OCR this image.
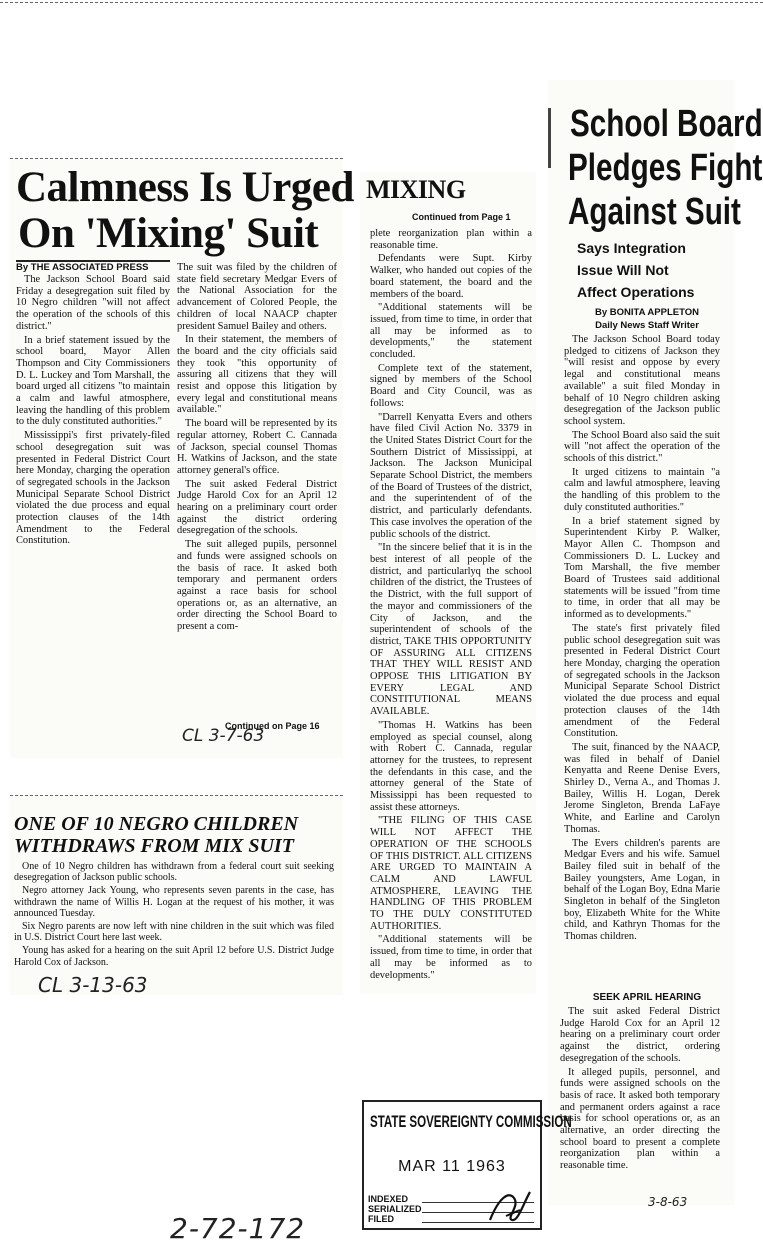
Calmness Is Urged
On 'Mixing' Suit
By THE ASSOCIATED PRESS

The Jackson School Board said Friday a desegregation suit filed by 10 Negro children "will not affect the operation of the schools of this district."

In a brief statement issued by the school board, Mayor Allen Thompson and City Commissioners D. L. Luckey and Tom Marshall, the board urged all citizens "to maintain a calm and lawful atmosphere, leaving the handling of this problem to the duly constituted authorities."

Mississippi's first privately-filed school desegregation suit was presented in Federal District Court here Monday, charging the operation of segregated schools in the Jackson Municipal Separate School District violated the due process and equal protection clauses of the 14th Amendment to the Federal Constitution.

The suit was filed by the children of state field secretary Medgar Evers of the National Association for the advancement of Colored People, the children of local NAACP chapter president Samuel Bailey and others.

In their statement, the members of the board and the city officials said they took "this opportunity of assuring all citizens that they will resist and oppose this litigation by every legal and constitutional means available."

The board will be represented by its regular attorney, Robert C. Cannada of Jackson, special counsel Thomas H. Watkins of Jackson, and the state attorney general's office.

The suit asked Federal District Judge Harold Cox for an April 12 hearing on a preliminary court order against the district ordering desegregation of the schools.

The suit alleged pupils, personnel and funds were assigned schools on the basis of race. It asked both temporary and permanent orders against a race basis for school operations or, as an alternative, an order directing the School Board to present a com-

Continued on Page 16
CL 3-7-63
ONE OF 10 NEGRO CHILDREN
WITHDRAWS FROM MIX SUIT

One of 10 Negro children has withdrawn from a federal court suit seeking desegregation of Jackson public schools.

Negro attorney Jack Young, who represents seven parents in the case, has withdrawn the name of Willis H. Logan at the request of his mother, it was announced Tuesday.

Six Negro parents are now left with nine children in the suit which was filed in U.S. District Court here last week.

Young has asked for a hearing on the suit April 12 before U.S. District Judge Harold Cox of Jackson.

CL 3-13-63
MIXING
Continued from Page 1

plete reorganization plan within a reasonable time.

Defendants were Supt. Kirby Walker, who handed out copies of the board statement, the board and the members of the board.

"Additional statements will be issued, from time to time, in order that all may be informed as to developments," the statement concluded.

Complete text of the statement, signed by members of the School Board and City Council, was as follows:

"Darrell Kenyatta Evers and others have filed Civil Action No. 3379 in the United States District Court for the Southern District of Mississippi, at Jackson. The Jackson Municipal Separate School District, the members of the Board of Trustees of the district, and the superintendent of of the district, and particularly defendants. This case involves the operation of the public schools of the district.

"In the sincere belief that it is in the best interest of all people of the district, and particularlyq the school children of the district, the Trustees of the District, with the full support of the mayor and commissioners of the City of Jackson, and the superintendent of schools of the district, TAKE THIS OPPORTUNITY OF ASSURING ALL CITIZENS THAT THEY WILL RESIST AND OPPOSE THIS LITIGATION BY EVERY LEGAL AND CONSTITUTIONAL MEANS AVAILABLE.

"Thomas H. Watkins has been employed as special counsel, along with Robert C. Cannada, regular attorney for the trustees, to represent the defendants in this case, and the attorney general of the State of Mississippi has been requested to assist these attorneys.

"THE FILING OF THIS CASE WILL NOT AFFECT THE OPERATION OF THE SCHOOLS OF THIS DISTRICT. ALL CITIZENS ARE URGED TO MAINTAIN A CALM AND LAWFUL ATMOSPHERE, LEAVING THE HANDLING OF THIS PROBLEM TO THE DULY CONSTITUTED AUTHORITIES.

"Additional statements will be issued, from time to time, in order that all may be informed as to developments."

School Board
Pledges Fight
Against Suit
Says Integration
Issue Will Not
Affect Operations
By BONITA APPLETON
Daily News Staff Writer

The Jackson School Board today pledged to citizens of Jackson they "will resist and oppose by every legal and constitutional means available" a suit filed Monday in behalf of 10 Negro children asking desegregation of the Jackson public school system.

The School Board also said the suit will "not affect the operation of the schools of this district."

It urged citizens to maintain "a calm and lawful atmosphere, leaving the handling of this problem to the duly constituted authorities."

In a brief statement signed by Superintendent Kirby P. Walker, Mayor Allen C. Thompson and Commissioners D. L. Luckey and Tom Marshall, the five member Board of Trustees said additional statements will be issued "from time to time, in order that all may be informed as to developments."

The state's first privately filed public school desegregation suit was presented in Federal District Court here Monday, charging the operation of segregated schools in the Jackson Municipal Separate School District violated the due process and equal protection clauses of the 14th amendment of the Federal Constitution.

The suit, financed by the NAACP, was filed in behalf of Daniel Kenyatta and Reene Denise Evers, Shirley D., Verna A., and Thomas J. Bailey, Willis H. Logan, Derek Jerome Singleton, Brenda LaFaye White, and Earline and Carolyn Thomas.

The Evers children's parents are Medgar Evers and his wife. Samuel Bailey filed suit in behalf of the Bailey youngsters, Ame Logan, in behalf of the Logan Boy, Edna Marie Singleton in behalf of the Singleton boy, Elizabeth White for the White child, and Kathryn Thomas for the Thomas children.

SEEK APRIL HEARING

The suit asked Federal District Judge Harold Cox for an April 12 hearing on a preliminary court order against the district, ordering desegregation of the schools.

It alleged pupils, personnel, and funds were assigned schools on the basis of race. It asked both temporary and permanent orders against a race basis for school operations or, as an alternative, an order directing the school board to present a complete reorganization plan within a reasonable time.

3-8-63
STATE SOVEREIGNTY COMMISSION
MAR 11 1963
INDEXED
SERIALIZED
FILED
2-72-172
